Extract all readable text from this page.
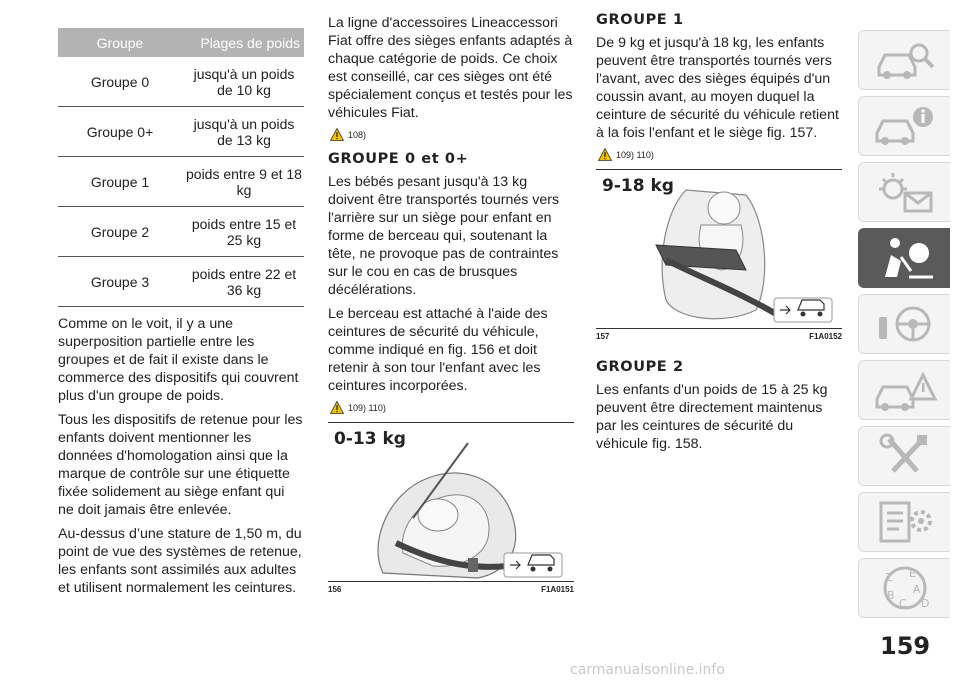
Groupe	Plages de poids
Groupe 0	jusqu'à un poids de 10 kg
Groupe 0+	jusqu'à un poids de 13 kg
Groupe 1	poids entre 9 et 18 kg
Groupe 2	poids entre 15 et 25 kg
Groupe 3	poids entre 22 et 36 kg

Comme on le voit, il y a une superposition partielle entre les groupes et de fait il existe dans le commerce des dispositifs qui couvrent plus d'un groupe de poids.

Tous les dispositifs de retenue pour les enfants doivent mentionner les données d'homologation ainsi que la marque de contrôle sur une étiquette fixée solidement au siège enfant qui ne doit jamais être enlevée.

Au-dessus d’une stature de 1,50 m, du point de vue des systèmes de retenue, les enfants sont assimilés aux adultes et utilisent normalement les ceintures.

La ligne d'accessoires Lineaccessori Fiat offre des sièges enfants adaptés à chaque catégorie de poids. Ce choix est conseillé, car ces sièges ont été spécialement conçus et testés pour les véhicules Fiat.

108)
GROUPE 0 et 0+

Les bébés pesant jusqu'à 13 kg doivent être transportés tournés vers l'arrière sur un siège pour enfant en forme de berceau qui, soutenant la tête, ne provoque pas de contraintes sur le cou en cas de brusques décélérations.

Le berceau est attaché à l'aide des ceintures de sécurité du véhicule, comme indiqué en fig. 156 et doit retenir à son tour l'enfant avec les ceintures incorporées.

109) 110)
0-13 kg
156	F1A0151
GROUPE 1

De 9 kg et jusqu'à 18 kg, les enfants peuvent être transportés tournés vers l'avant, avec des sièges équipés d'un coussin avant, au moyen duquel la ceinture de sécurité du véhicule retient à la fois l'enfant et le siège fig. 157.

109) 110)
9-18 kg
157	F1A0152
GROUPE 2

Les enfants d'un poids de 15 à 25 kg peuvent être directement maintenus par les ceintures de sécurité du véhicule fig. 158.

Z E
A
B
C D
159
carmanualsonline.info
